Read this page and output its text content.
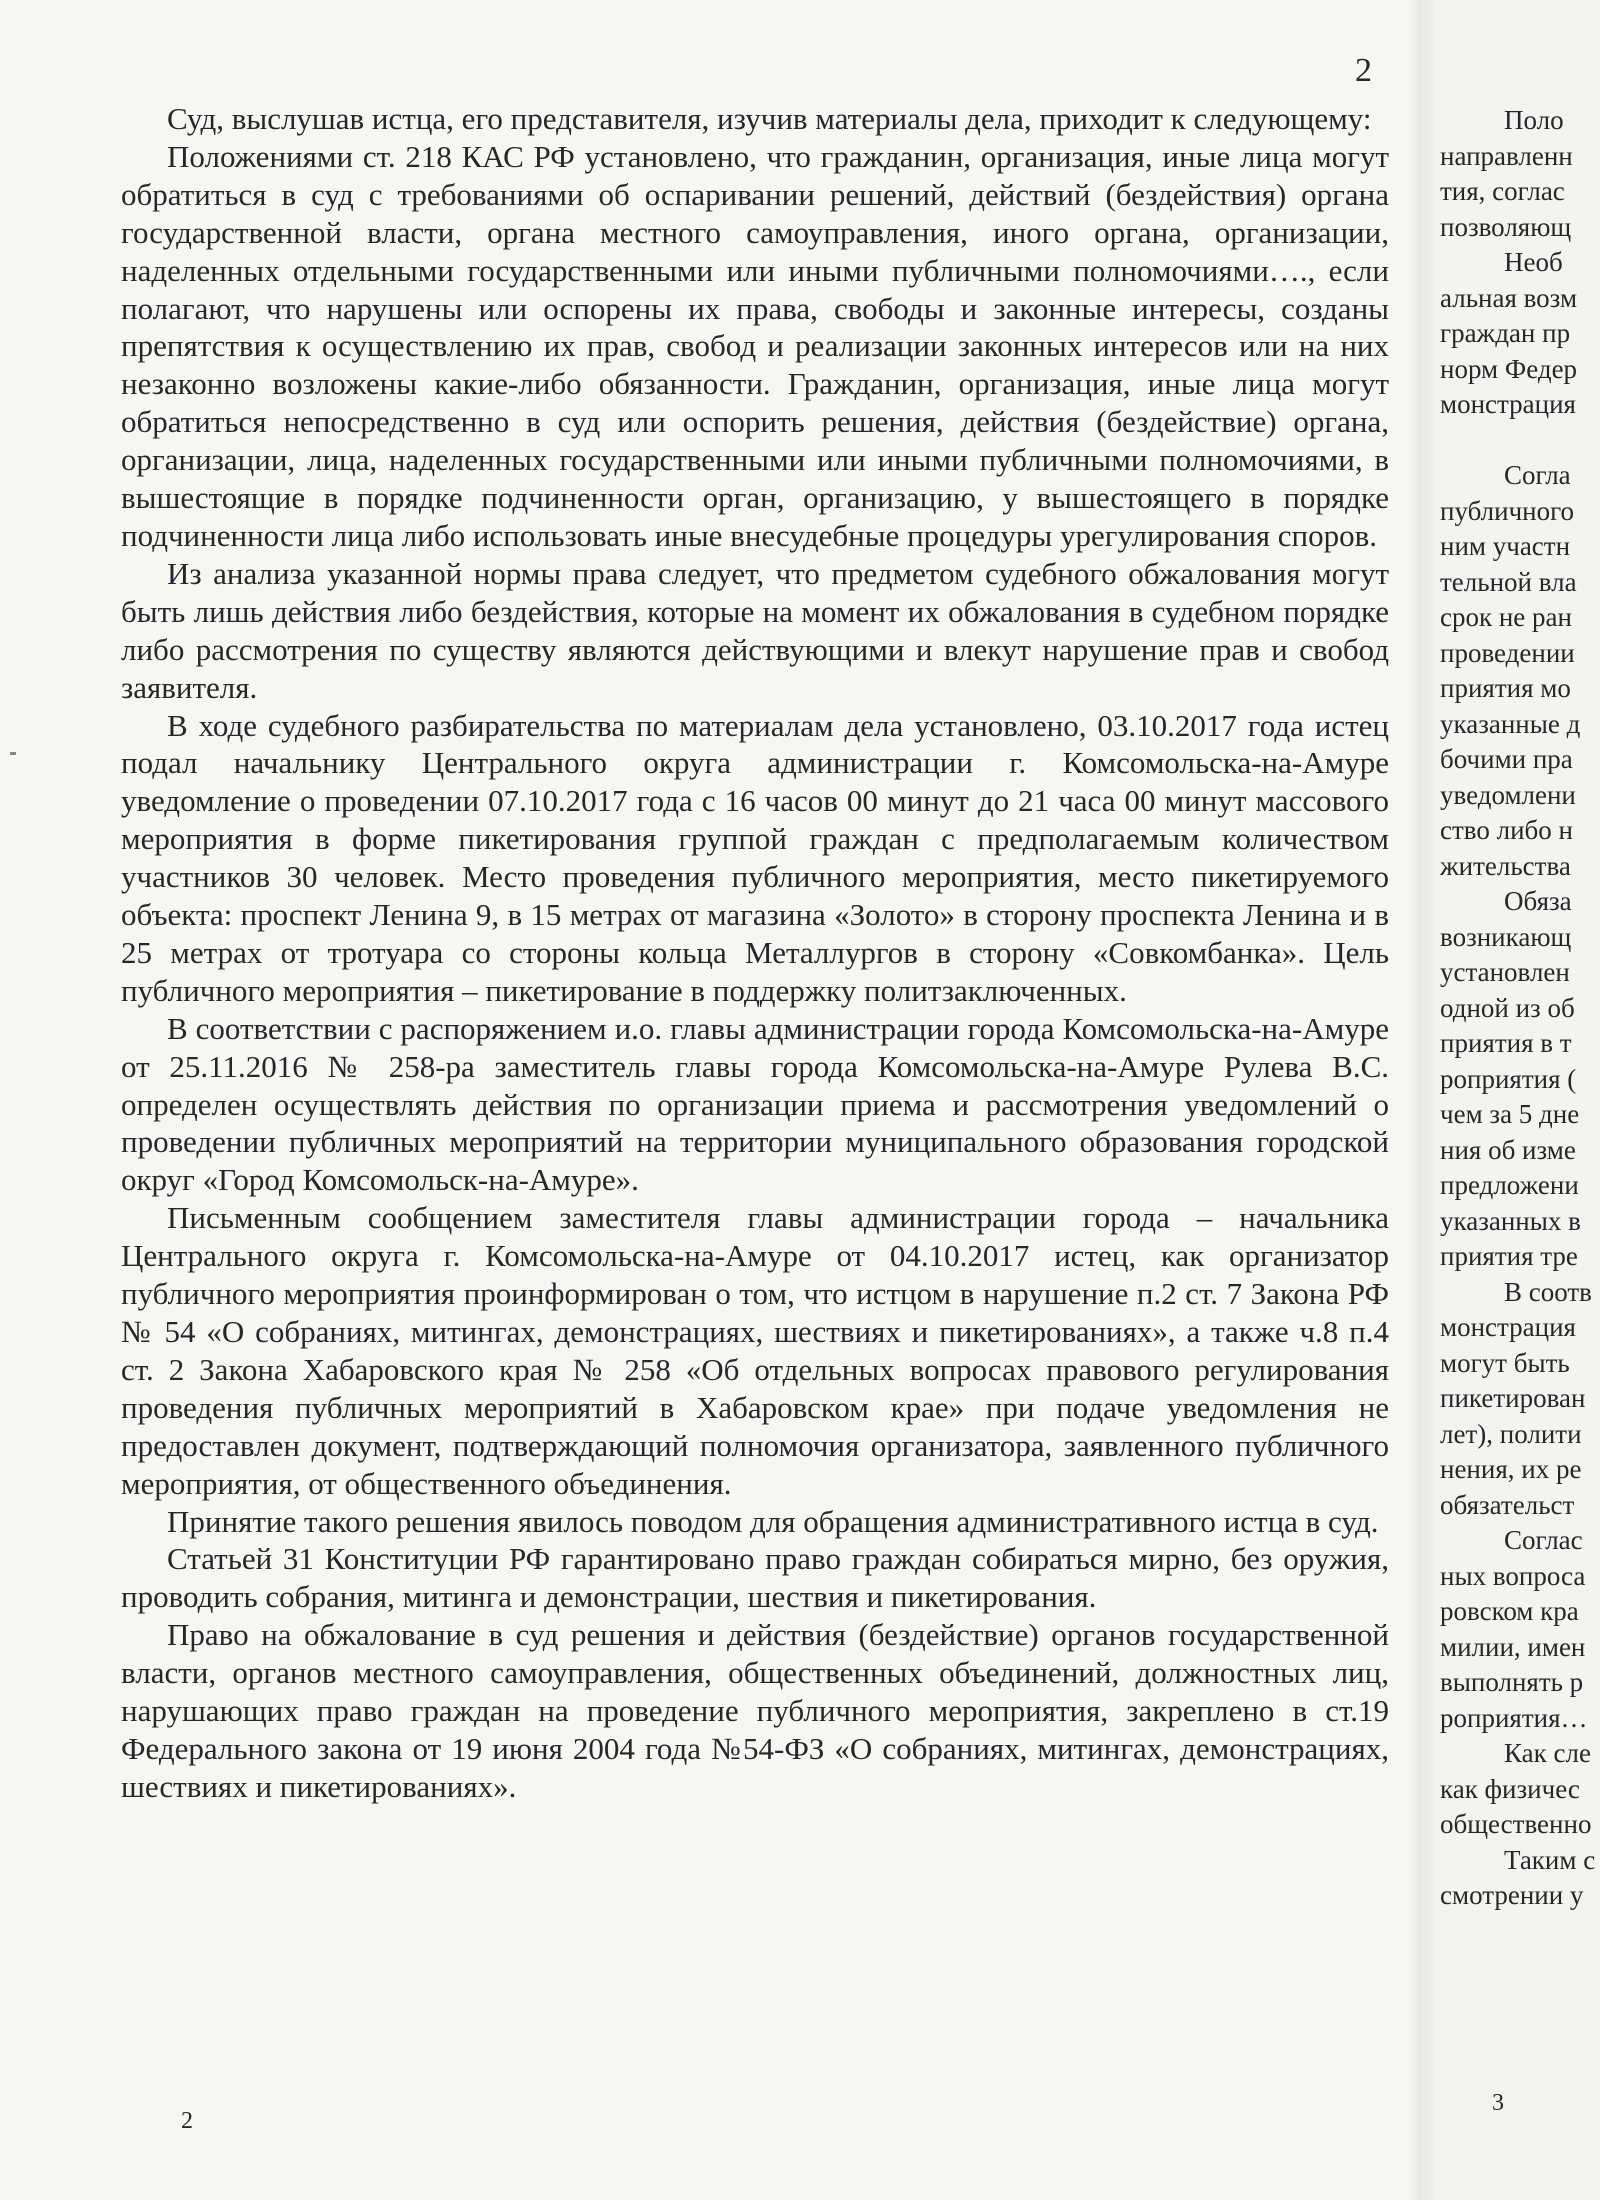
2

Суд, выслушав истца, его представителя, изучив материалы дела, приходит к следующему:

Положениями ст. 218 КАС РФ установлено, что гражданин, организация, иные лица могут обратиться в суд с требованиями об оспаривании решений, действий (бездействия) органа государственной власти, органа местного самоуправления, иного органа, организации, наделенных отдельными государственными или иными публичными полномочиями…., если полагают, что нарушены или оспорены их права, свободы и законные интересы, созданы препятствия к осуществлению их прав, свобод и реализации законных интересов или на них незаконно возложены какие-либо обязанности. Гражданин, организация, иные лица могут обратиться непосредственно в суд или оспорить решения, действия (бездействие) органа, организации, лица, наделенных государственными или иными публичными полномочиями, в вышестоящие в порядке подчиненности орган, организацию, у вышестоящего в порядке подчиненности лица либо использовать иные внесудебные процедуры урегулирования споров.

Из анализа указанной нормы права следует, что предметом судебного обжалования могут быть лишь действия либо бездействия, которые на момент их обжалования в судебном порядке либо рассмотрения по существу являются действующими и влекут нарушение прав и свобод заявителя.

В ходе судебного разбирательства по материалам дела установлено, 03.10.2017 года истец подал начальнику Центрального округа администрации г. Комсомольска-на-Амуре уведомление о проведении 07.10.2017 года с 16 часов 00 минут до 21 часа 00 минут массового мероприятия в форме пикетирования группой граждан с предполагаемым количеством участников 30 человек. Место проведения публичного мероприятия, место пикетируемого объекта: проспект Ленина 9, в 15 метрах от магазина «Золото» в сторону проспекта Ленина и в 25 метрах от тротуара со стороны кольца Металлургов в сторону «Совкомбанка». Цель публичного мероприятия – пикетирование в поддержку политзаключенных.

В соответствии с распоряжением и.о. главы администрации города Комсомольска-на-Амуре от 25.11.2016 № 258-ра заместитель главы города Комсомольска-на-Амуре Рулева В.С. определен осуществлять действия по организации приема и рассмотрения уведомлений о проведении публичных мероприятий на территории муниципального образования городской округ «Город Комсомольск-на-Амуре».

Письменным сообщением заместителя главы администрации города – начальника Центрального округа г. Комсомольска-на-Амуре от 04.10.2017 истец, как организатор публичного мероприятия проинформирован о том, что истцом в нарушение п.2 ст. 7 Закона РФ № 54 «О собраниях, митингах, демонстрациях, шествиях и пикетированиях», а также ч.8 п.4 ст. 2 Закона Хабаровского края № 258 «Об отдельных вопросах правового регулирования проведения публичных мероприятий в Хабаровском крае» при подаче уведомления не предоставлен документ, подтверждающий полномочия организатора, заявленного публичного мероприятия, от общественного объединения.

Принятие такого решения явилось поводом для обращения административного истца в суд.

Статьей 31 Конституции РФ гарантировано право граждан собираться мирно, без оружия, проводить собрания, митинга и демонстрации, шествия и пикетирования.

Право на обжалование в суд решения и действия (бездействие) органов государственной власти, органов местного самоуправления, общественных объединений, должностных лиц, нарушающих право граждан на проведение публичного мероприятия, закреплено в ст.19 Федерального закона от 19 июня 2004 года №54-ФЗ «О собраниях, митингах, демонстрациях, шествиях и пикетированиях».

2
Поло
направленн
тия, соглас
позволяющ
Необ
альная возм
граждан пр
норм Федер
монстрация
Согла
публичного
ним участн
тельной вла
срок не ран
проведении
приятия мо
указанные д
бочими пра
уведомлени
ство либо н
жительства
Обяза
возникающ
установлен
одной из об
приятия в т
роприятия (
чем за 5 дне
ния об изме
предложени
указанных в
приятия тре
В соотв
монстрация
могут быть
пикетирован
лет), полити
нения, их ре
обязательст
Соглас
ных вопроса
ровском кра
милии, имен
выполнять р
роприятия…
Как сле
как физичес
общественно
Таким с
смотрении у
3
